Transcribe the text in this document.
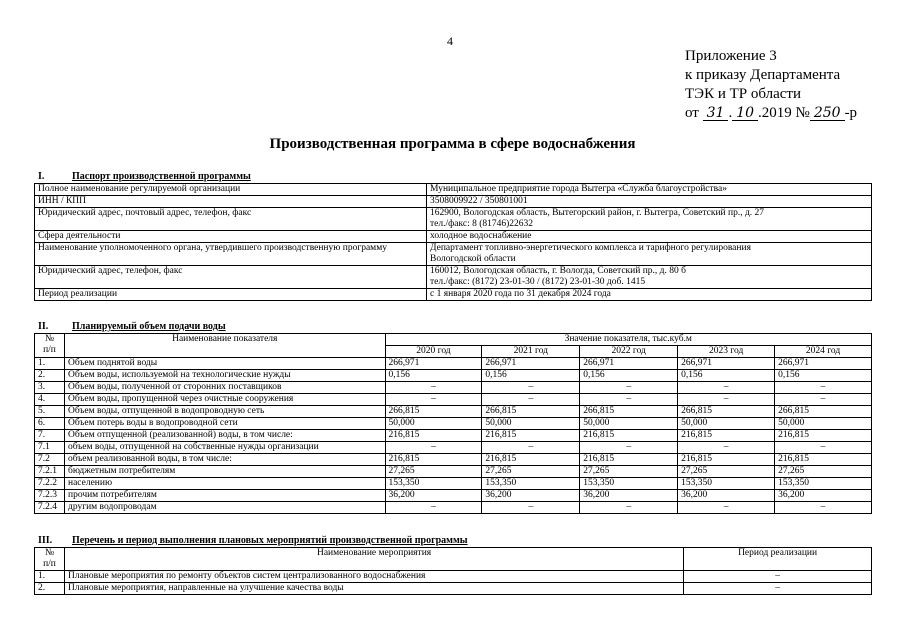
4
Приложение 3
к приказу Департамента
ТЭК и ТР области
от 31 . 10 .2019 № 250 -р
Производственная программа в сфере водоснабжения
I.	Паспорт производственной программы
Полное наименование регулируемой организации	Муниципальное предприятие города Вытегра «Служба благоустройства»

ИНН / КПП	3508009922 / 350801001

Юридический адрес, почтовый адрес, телефон, факс	162900, Вологодская область, Вытегорский район, г. Вытегра, Советский пр., д. 27
тел./факс: 8 (81746)22632

Сфера деятельности	холодное водоснабжение

Наименование уполномоченного органа, утвердившего производственную программу	Департамент топливно-энергетического комплекса и тарифного регулирования
Вологодской области

Юридический адрес, телефон, факс	160012, Вологодская область, г. Вологда, Советский пр., д. 80 б
тел./факс: (8172) 23-01-30 / (8172) 23-01-30 доб. 1415

Период реализации	с 1 января 2020 года по 31 декабря 2024 года
II. Планируемый объем подачи воды
№
п/п	Наименование показателя	Значение показателя, тыс.куб.м				
		2020 год	2021 год	2022 год	2023 год	2024 год
1.	Объем поднятой воды	266,971	266,971	266,971	266,971	266,971
2.	Объем воды, используемой на технологические нужды	0,156	0,156	0,156	0,156	0,156
3.	Объем воды, полученной от сторонних поставщиков	–	–	–	–	–
4.	Объем воды, пропущенной через очистные сооружения	–	–	–	–	–
5.	Объем воды, отпущенной в водопроводную сеть	266,815	266,815	266,815	266,815	266,815
6.	Объем потерь воды в водопроводной сети	50,000	50,000	50,000	50,000	50,000
7.	Объем отпущенной (реализованной) воды, в том числе:	216,815	216,815	216,815	216,815	216,815
7.1	объем воды, отпущенной на собственные нужды организации	–	–	–	–	–
7.2	объем реализованной воды, в том числе:	216,815	216,815	216,815	216,815	216,815
7.2.1	бюджетным потребителям	27,265	27,265	27,265	27,265	27,265
7.2.2	населению	153,350	153,350	153,350	153,350	153,350
7.2.3	прочим потребителям	36,200	36,200	36,200	36,200	36,200
7.2.4	другим водопроводам	–	–	–	–	–
III. Перечень и период выполнения плановых мероприятий производственной программы
№
п/п	Наименование мероприятия	Период реализации
1.	Плановые мероприятия по ремонту объектов систем централизованного водоснабжения	–
2.	Плановые мероприятия, направленные на улучшение качества воды	–
